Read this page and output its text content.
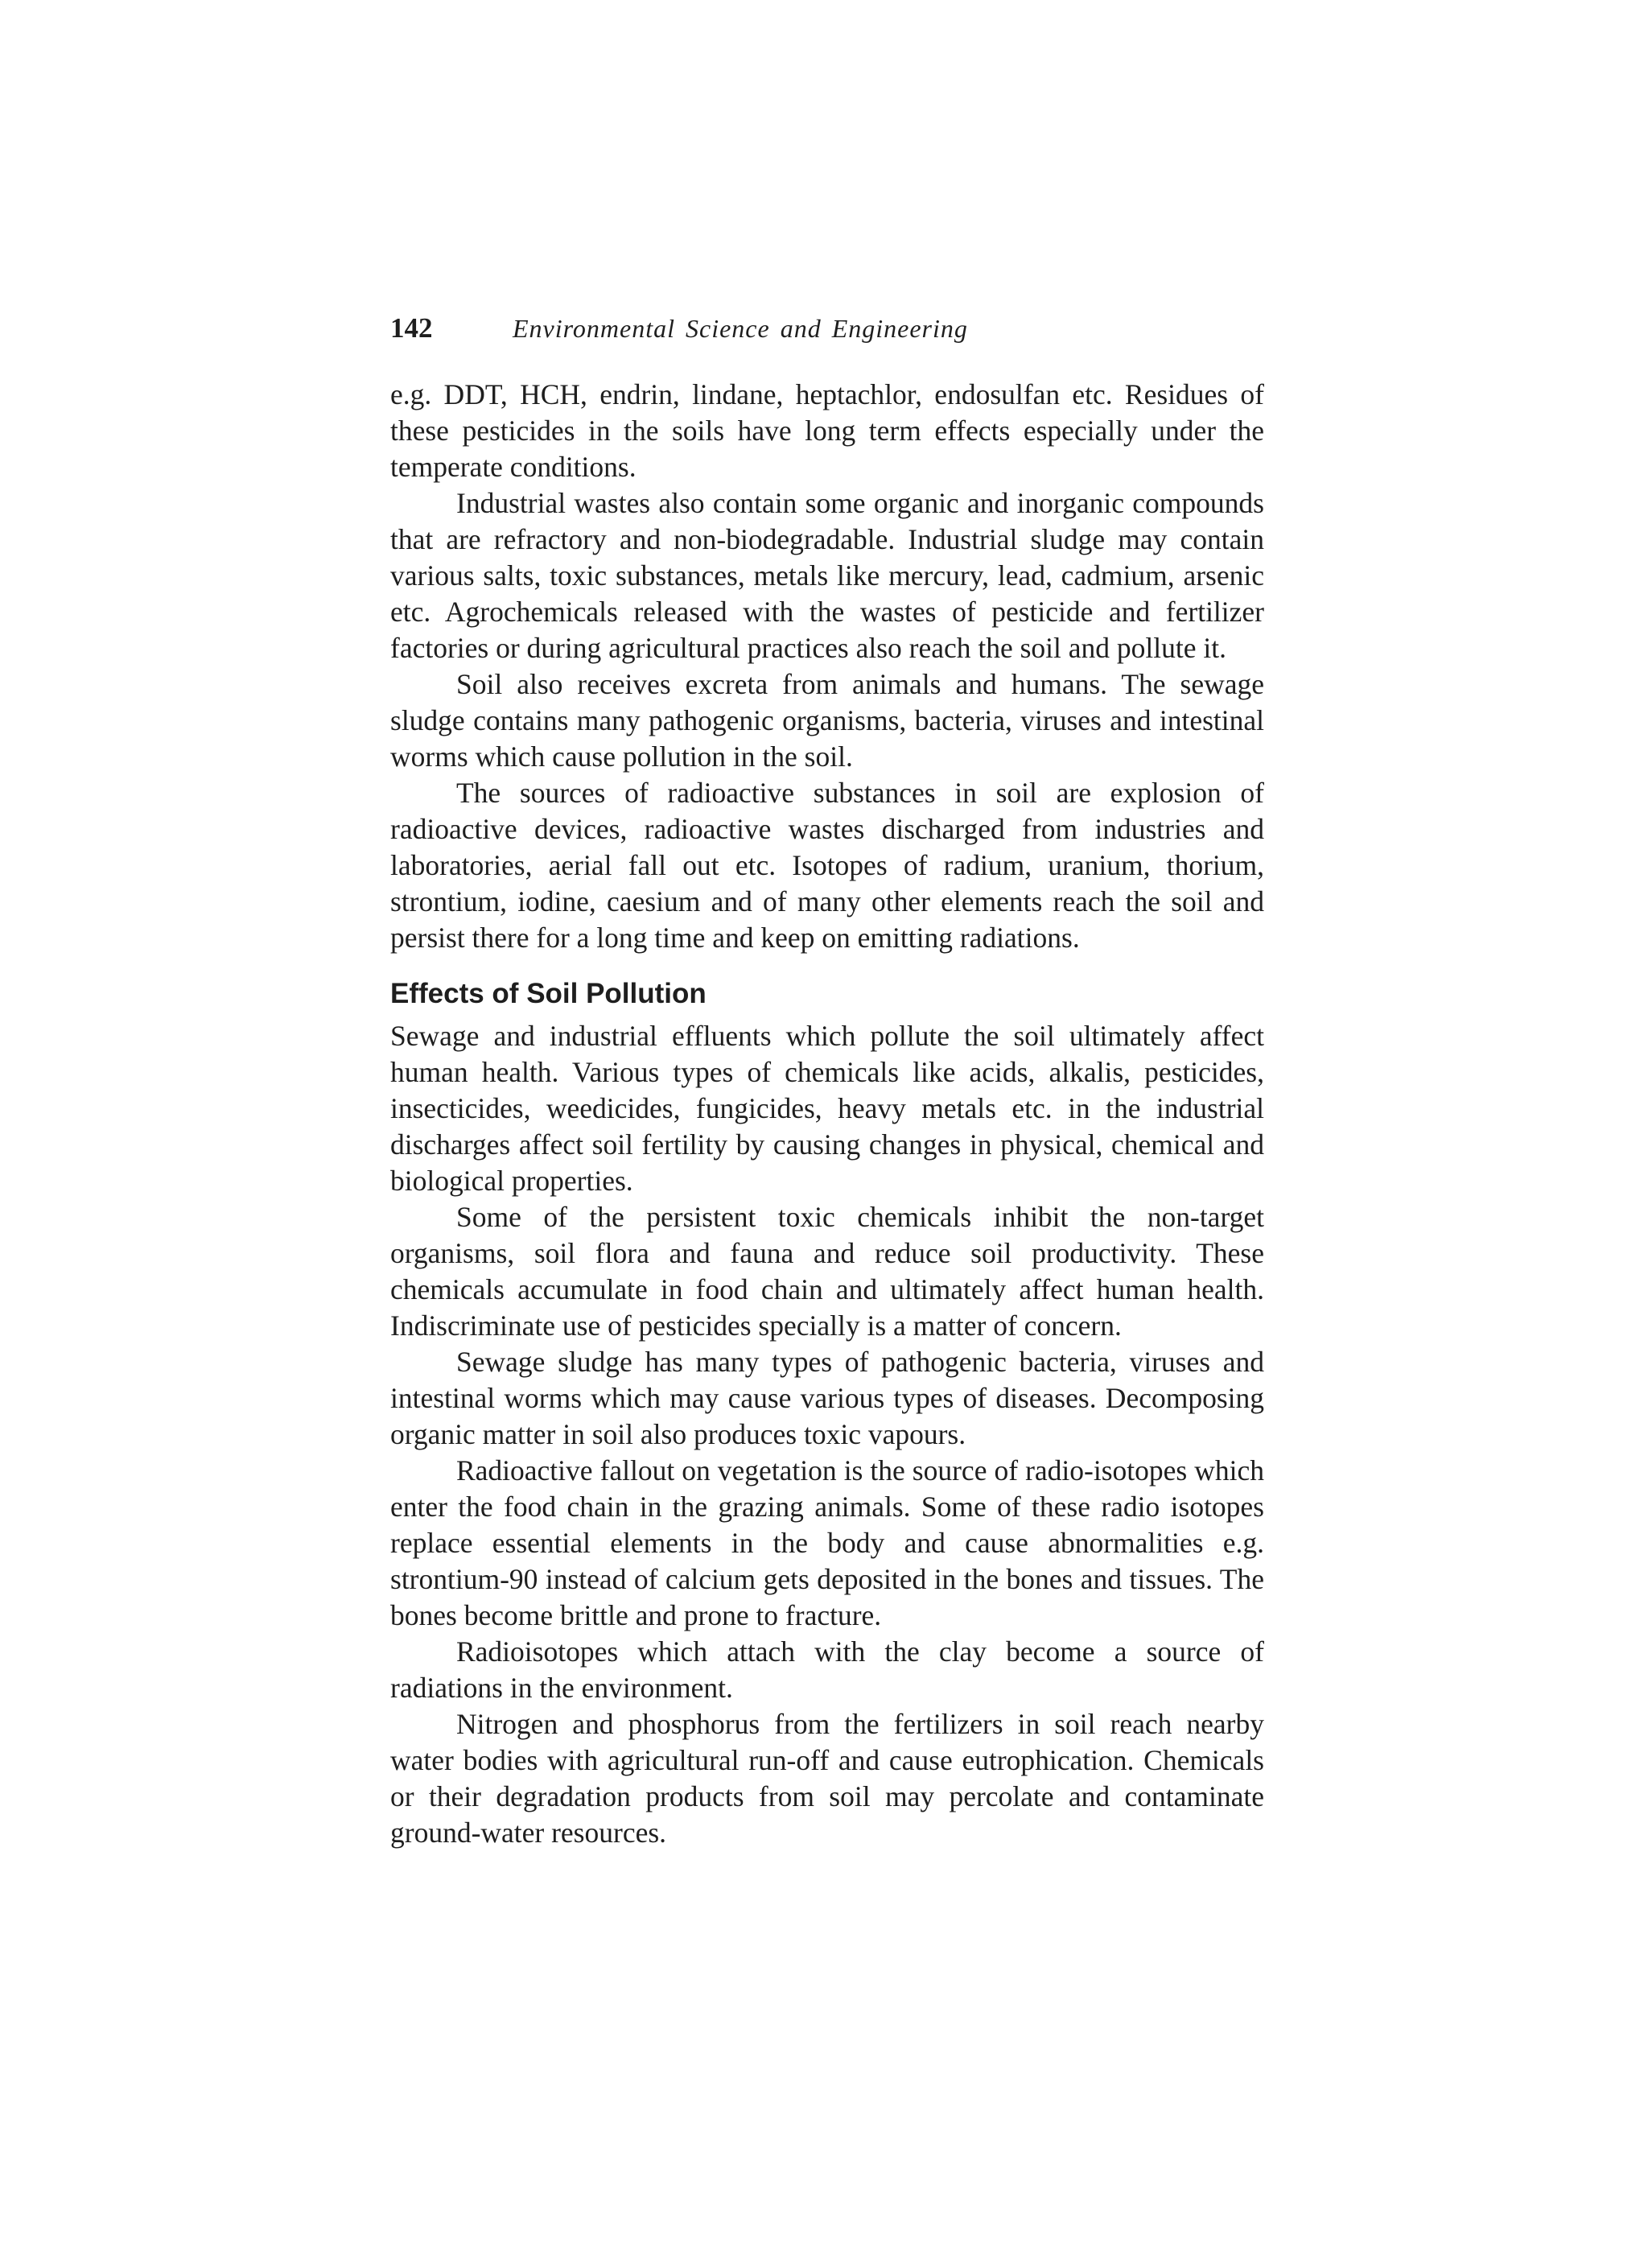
142	Environmental Science and Engineering

e.g. DDT, HCH, endrin, lindane, heptachlor, endosulfan etc. Residues of these pesticides in the soils have long term effects especially under the temperate conditions.

Industrial wastes also contain some organic and inorganic compounds that are refractory and non-biodegradable. Industrial sludge may contain various salts, toxic substances, metals like mercury, lead, cadmium, arsenic etc. Agrochemicals released with the wastes of pesticide and fertilizer factories or during agricultural practices also reach the soil and pollute it.

Soil also receives excreta from animals and humans. The sewage sludge contains many pathogenic organisms, bacteria, viruses and intestinal worms which cause pollution in the soil.

The sources of radioactive substances in soil are explosion of radioactive devices, radioactive wastes discharged from industries and laboratories, aerial fall out etc. Isotopes of radium, uranium, thorium, strontium, iodine, caesium and of many other elements reach the soil and persist there for a long time and keep on emitting radiations.

Effects of Soil Pollution

Sewage and industrial effluents which pollute the soil ultimately affect human health. Various types of chemicals like acids, alkalis, pesticides, insecticides, weedicides, fungicides, heavy metals etc. in the industrial discharges affect soil fertility by causing changes in physical, chemical and biological properties.

Some of the persistent toxic chemicals inhibit the non-target organisms, soil flora and fauna and reduce soil productivity. These chemicals accumulate in food chain and ultimately affect human health. Indiscriminate use of pesticides specially is a matter of concern.

Sewage sludge has many types of pathogenic bacteria, viruses and intestinal worms which may cause various types of diseases. Decomposing organic matter in soil also produces toxic vapours.

Radioactive fallout on vegetation is the source of radio-isotopes which enter the food chain in the grazing animals. Some of these radio isotopes replace essential elements in the body and cause abnormalities e.g. strontium-90 instead of calcium gets deposited in the bones and tissues. The bones become brittle and prone to fracture.

Radioisotopes which attach with the clay become a source of radiations in the environment.

Nitrogen and phosphorus from the fertilizers in soil reach nearby water bodies with agricultural run-off and cause eutrophication. Chemicals or their degradation products from soil may percolate and contaminate ground-water resources.
